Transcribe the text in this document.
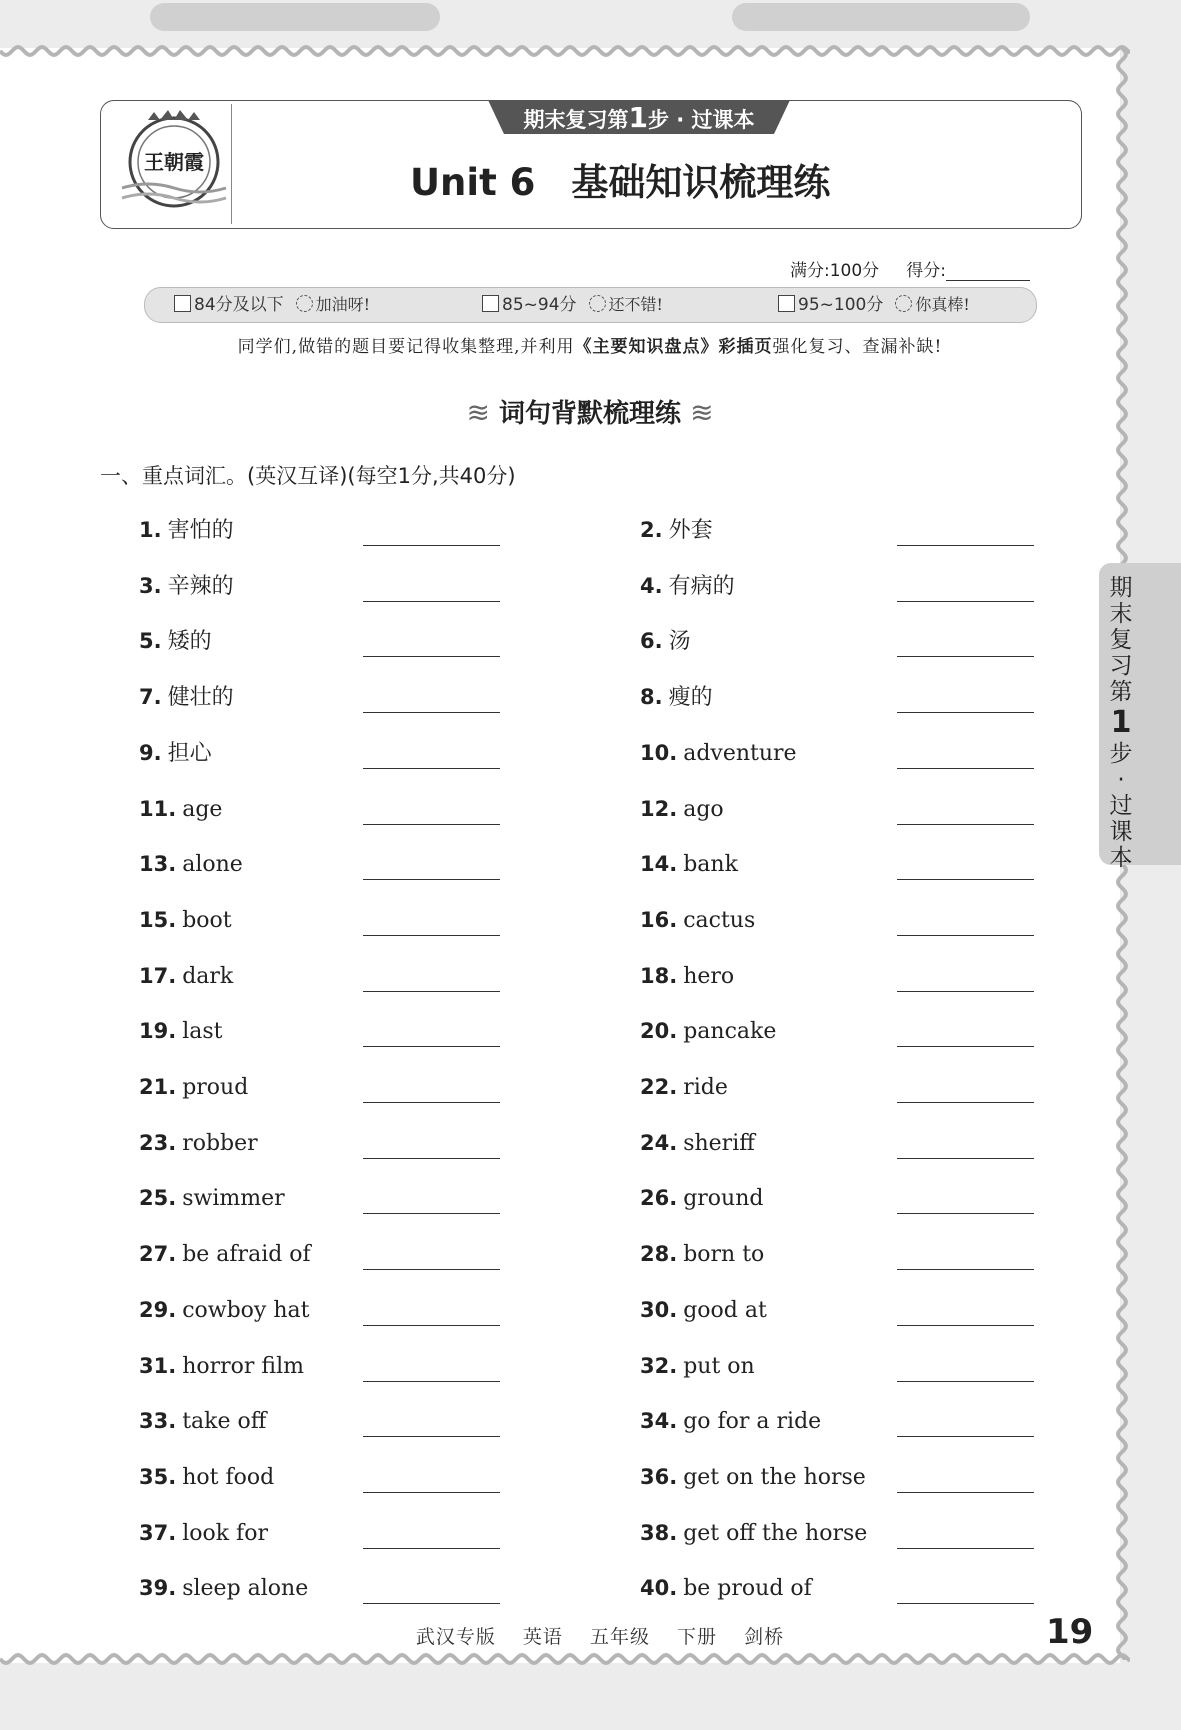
王朝霞
期末复习第1步 · 过课本
Unit 6 基础知识梳理练
满分:100分 得分:
84分及以下 加油呀!	85~94分 还不错!	95~100分 你真棒!
同学们,做错的题目要记得收集整理,并利用《主要知识盘点》彩插页强化复习、查漏补缺!
≋ 词句背默梳理练 ≋
一、重点词汇。(英汉互译)(每空1分,共40分)
1. 害怕的	2. 外套
3. 辛辣的	4. 有病的
5. 矮的	6. 汤
7. 健壮的	8. 瘦的
9. 担心	10. adventure
11. age	12. ago
13. alone	14. bank
15. boot	16. cactus
17. dark	18. hero
19. last	20. pancake
21. proud	22. ride
23. robber	24. sheriff
25. swimmer	26. ground
27. be afraid of	28. born to
29. cowboy hat	30. good at
31. horror film	32. put on
33. take off	34. go for a ride
35. hot food	36. get on the horse
37. look for	38. get off the horse
39. sleep alone	40. be proud of
期
末
复
习
第
1
步
·
过
课
本
武汉专版 英语 五年级 下册 剑桥	19
